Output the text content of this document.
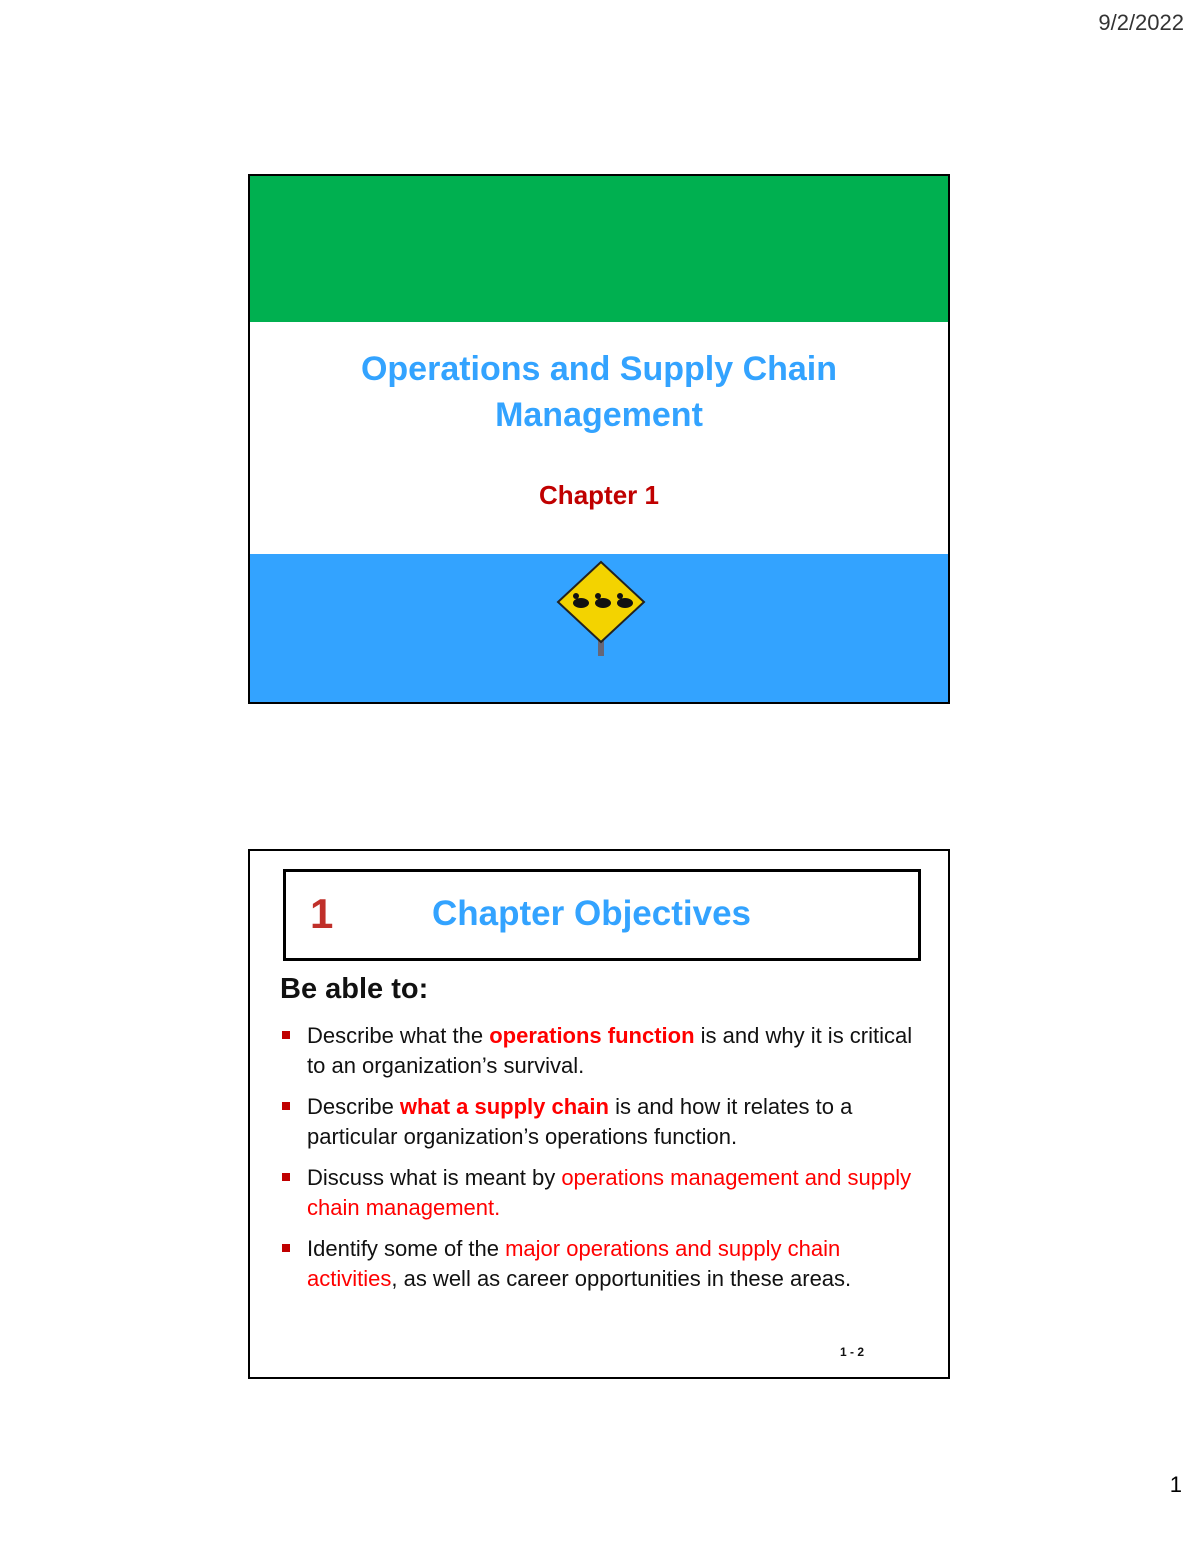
9/2/2022
Operations and Supply Chain
Management
Chapter 1
1	Chapter Objectives
Be able to:
Describe what the operations function is and why it is critical to an organization’s survival.
Describe what a supply chain is and how it relates to a particular organization’s operations function.
Discuss what is meant by operations management and supply chain management.
Identify some of the major operations and supply chain activities, as well as career opportunities in these areas.
1 - 2
1
